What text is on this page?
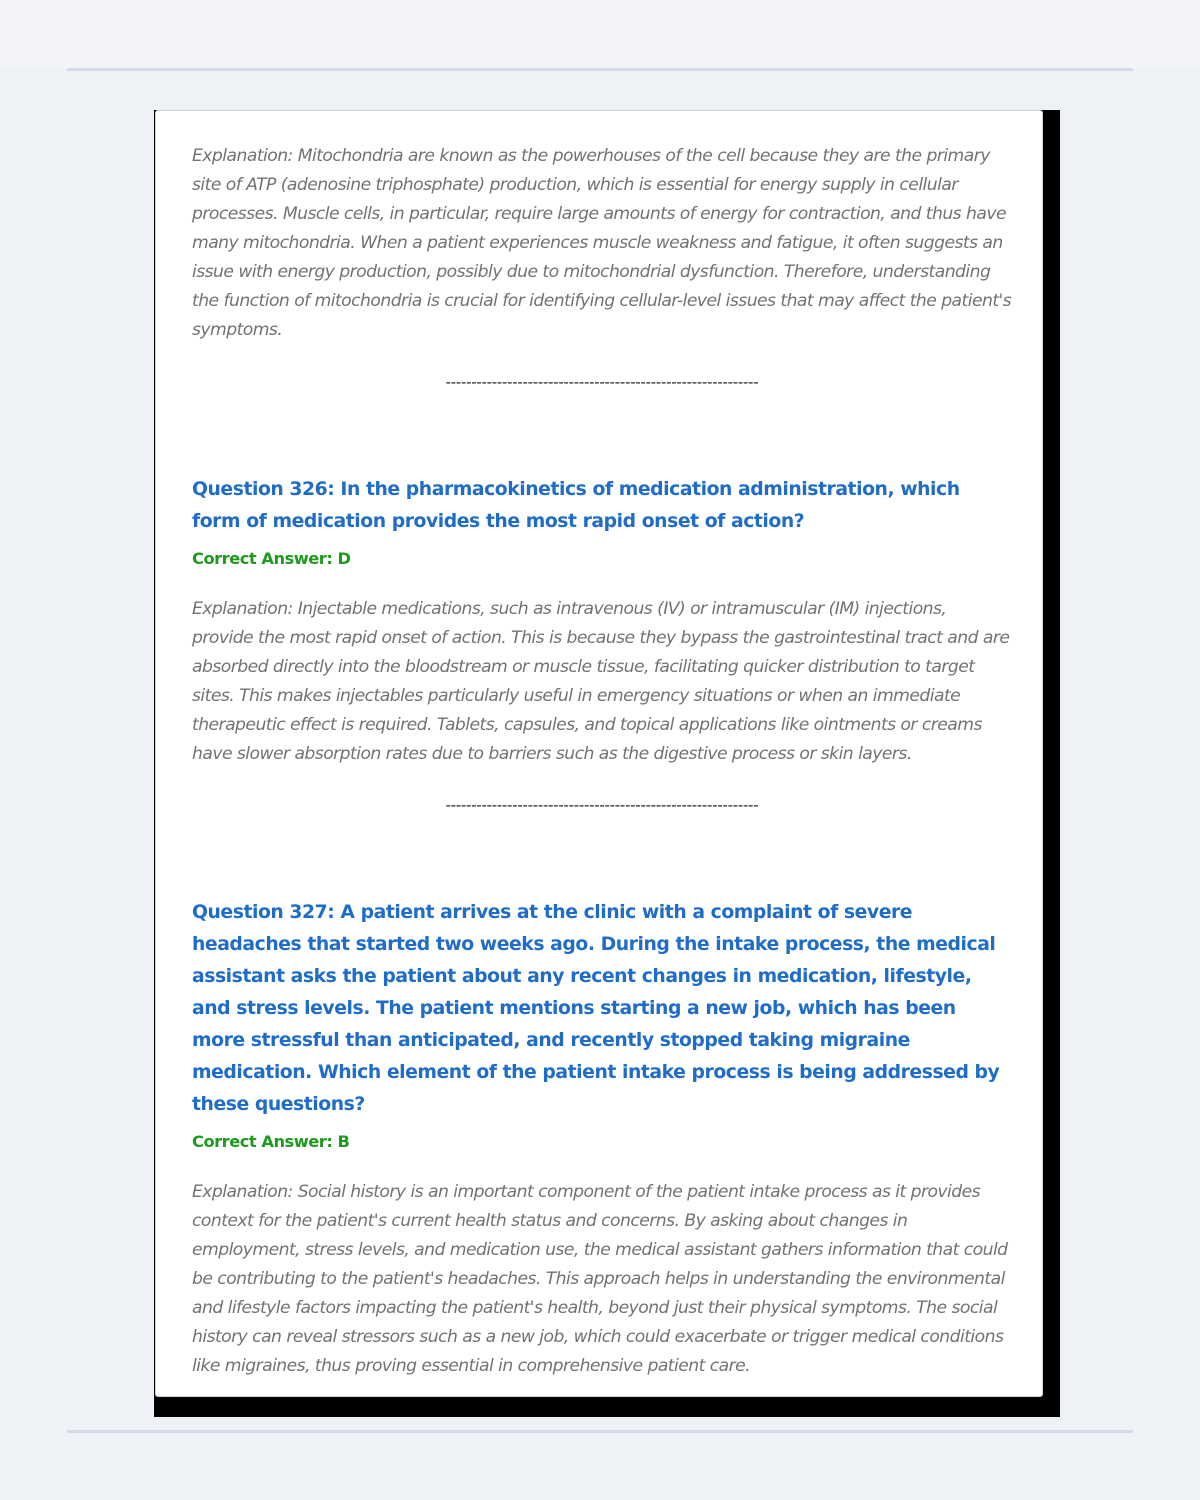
Explanation: Mitochondria are known as the powerhouses of the cell because they are the primary site of ATP (adenosine triphosphate) production, which is essential for energy supply in cellular processes. Muscle cells, in particular, require large amounts of energy for contraction, and thus have many mitochondria. When a patient experiences muscle weakness and fatigue, it often suggests an issue with energy production, possibly due to mitochondrial dysfunction. Therefore, understanding the function of mitochondria is crucial for identifying cellular-level issues that may affect the patient's symptoms.

-------------------------------------------------------------

Question 326: In the pharmacokinetics of medication administration, which form of medication provides the most rapid onset of action?

Correct Answer: D

Explanation: Injectable medications, such as intravenous (IV) or intramuscular (IM) injections, provide the most rapid onset of action. This is because they bypass the gastrointestinal tract and are absorbed directly into the bloodstream or muscle tissue, facilitating quicker distribution to target sites. This makes injectables particularly useful in emergency situations or when an immediate therapeutic effect is required. Tablets, capsules, and topical applications like ointments or creams have slower absorption rates due to barriers such as the digestive process or skin layers.

-------------------------------------------------------------

Question 327: A patient arrives at the clinic with a complaint of severe headaches that started two weeks ago. During the intake process, the medical assistant asks the patient about any recent changes in medication, lifestyle, and stress levels. The patient mentions starting a new job, which has been more stressful than anticipated, and recently stopped taking migraine medication. Which element of the patient intake process is being addressed by these questions?

Correct Answer: B

Explanation: Social history is an important component of the patient intake process as it provides context for the patient's current health status and concerns. By asking about changes in employment, stress levels, and medication use, the medical assistant gathers information that could be contributing to the patient's headaches. This approach helps in understanding the environmental and lifestyle factors impacting the patient's health, beyond just their physical symptoms. The social history can reveal stressors such as a new job, which could exacerbate or trigger medical conditions like migraines, thus proving essential in comprehensive patient care.
